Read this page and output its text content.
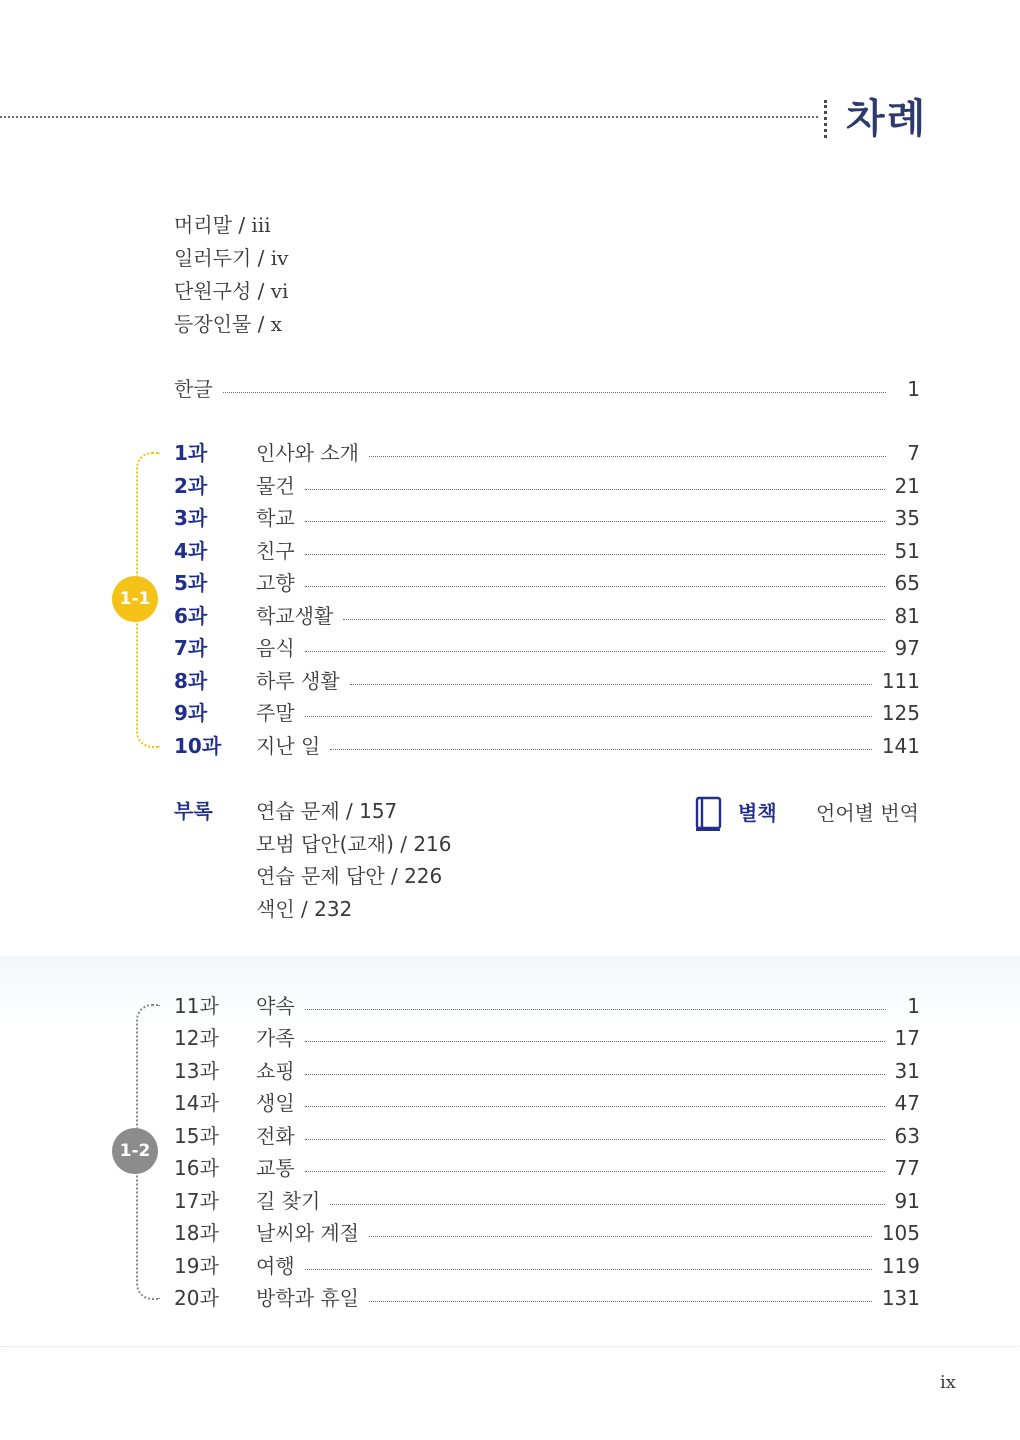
차례
머리말 / iii
일러두기 / iv
단원구성 / vi
등장인물 / x
한글	1
1-1
1과	인사와 소개	7
2과	물건	21
3과	학교	35
4과	친구	51
5과	고향	65
6과	학교생활	81
7과	음식	97
8과	하루 생활	111
9과	주말	125
10과	지난 일	141
부록 연습 문제 / 157
모범 답안(교재) / 216
연습 문제 답안 / 226
색인 / 232
별책 언어별 번역
1-2
11과	약속	1
12과	가족	17
13과	쇼핑	31
14과	생일	47
15과	전화	63
16과	교통	77
17과	길 찾기	91
18과	날씨와 계절	105
19과	여행	119
20과	방학과 휴일	131
ix
